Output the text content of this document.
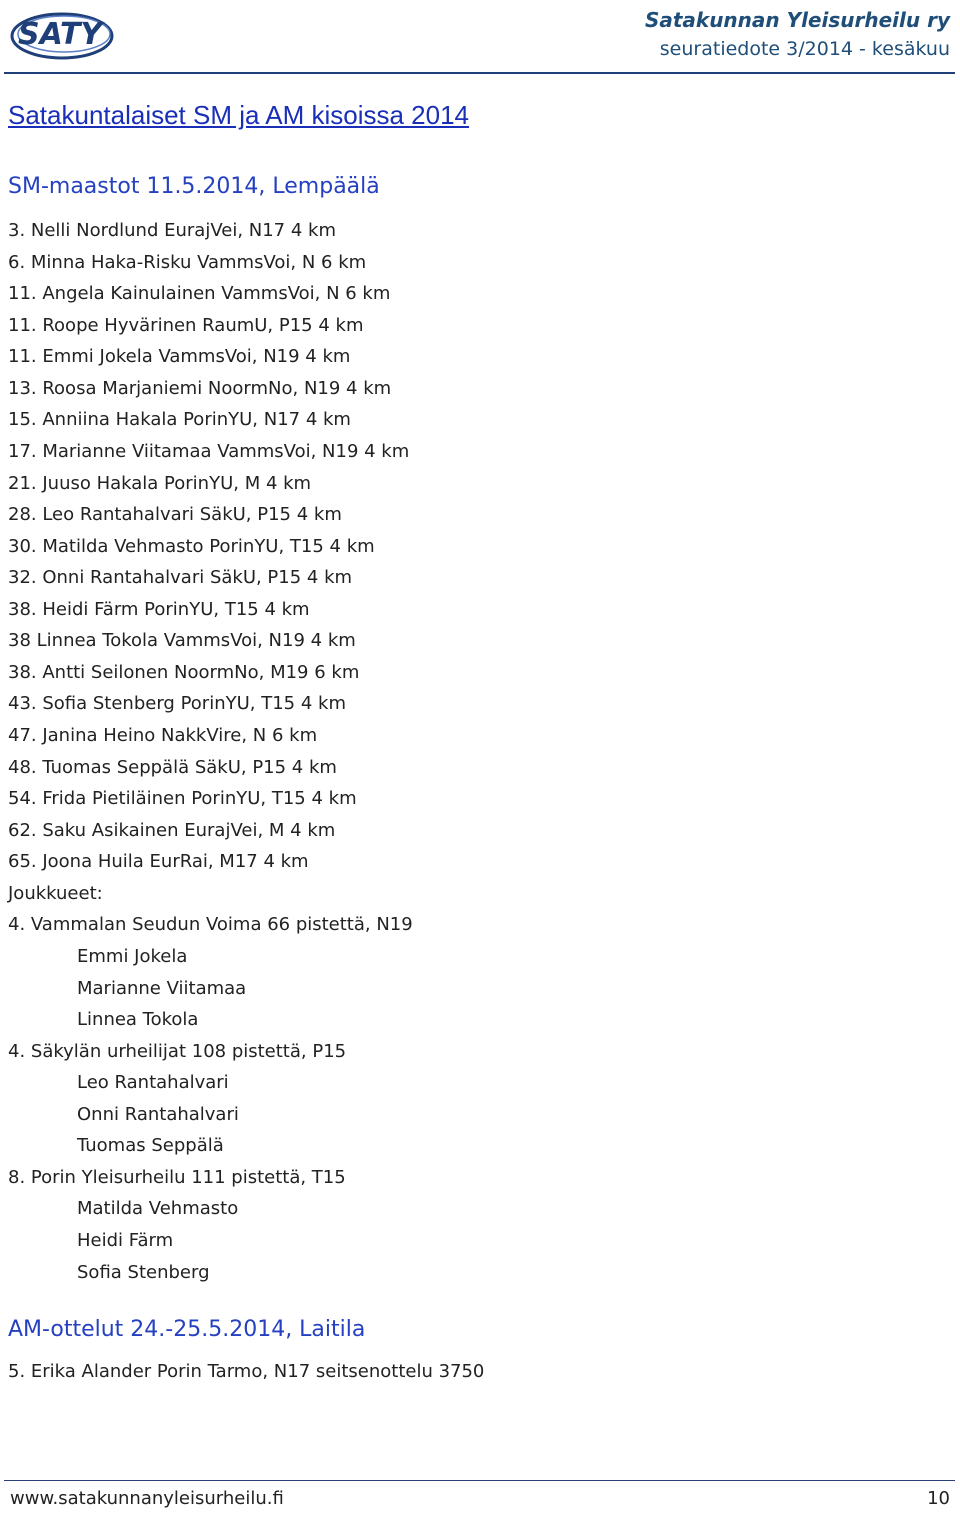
SATY	Satakunnan Yleisurheilu ry
seuratiedote 3/2014 - kesäkuu
Satakuntalaiset SM ja AM kisoissa 2014
SM-maastot 11.5.2014, Lempäälä
3. Nelli Nordlund EurajVei, N17 4 km
6. Minna Haka-Risku VammsVoi, N 6 km
11. Angela Kainulainen VammsVoi, N 6 km
11. Roope Hyvärinen RaumU, P15 4 km
11. Emmi Jokela VammsVoi, N19 4 km
13. Roosa Marjaniemi NoormNo, N19 4 km
15. Anniina Hakala PorinYU, N17 4 km
17. Marianne Viitamaa VammsVoi, N19 4 km
21. Juuso Hakala PorinYU, M 4 km
28. Leo Rantahalvari SäkU, P15 4 km
30. Matilda Vehmasto PorinYU, T15 4 km
32. Onni Rantahalvari SäkU, P15 4 km
38. Heidi Färm PorinYU, T15 4 km
38 Linnea Tokola VammsVoi, N19 4 km
38. Antti Seilonen NoormNo, M19 6 km
43. Sofia Stenberg PorinYU, T15 4 km
47. Janina Heino NakkVire, N 6 km
48. Tuomas Seppälä SäkU, P15 4 km
54. Frida Pietiläinen PorinYU, T15 4 km
62. Saku Asikainen EurajVei, M 4 km
65. Joona Huila EurRai, M17 4 km
Joukkueet:
4. Vammalan Seudun Voima 66 pistettä, N19
Emmi Jokela
Marianne Viitamaa
Linnea Tokola
4. Säkylän urheilijat 108 pistettä, P15
Leo Rantahalvari
Onni Rantahalvari
Tuomas Seppälä
8. Porin Yleisurheilu 111 pistettä, T15
Matilda Vehmasto
Heidi Färm
Sofia Stenberg
AM-ottelut 24.-25.5.2014, Laitila
5. Erika Alander Porin Tarmo, N17 seitsenottelu 3750
www.satakunnanyleisurheilu.fi	10
